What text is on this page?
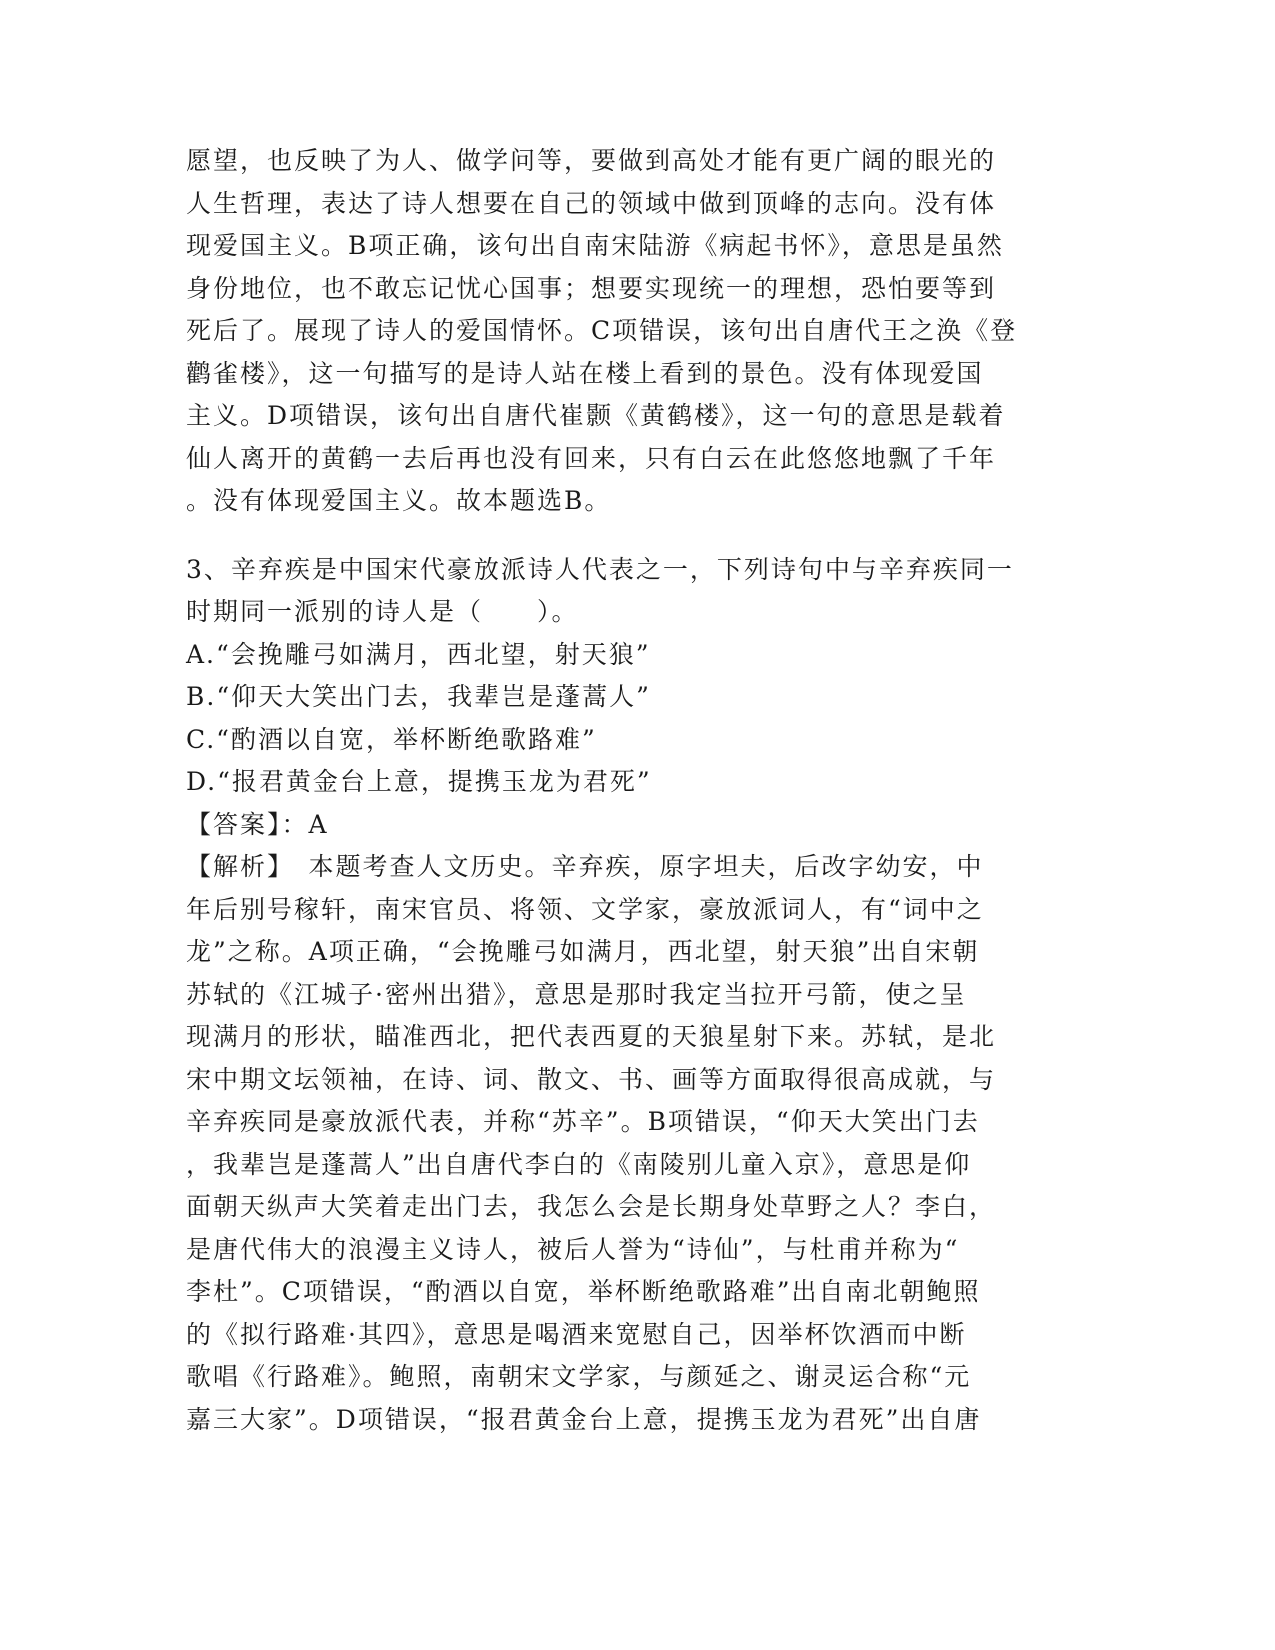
愿望，也反映了为人、做学问等，要做到高处才能有更广阔的眼光的
人生哲理，表达了诗人想要在自己的领域中做到顶峰的志向。没有体
现爱国主义。B项正确，该句出自南宋陆游《病起书怀》，意思是虽然
身份地位，也不敢忘记忧心国事；想要实现统一的理想，恐怕要等到
死后了。展现了诗人的爱国情怀。C项错误，该句出自唐代王之涣《登
鹳雀楼》，这一句描写的是诗人站在楼上看到的景色。没有体现爱国
主义。D项错误，该句出自唐代崔颢《黄鹤楼》，这一句的意思是载着
仙人离开的黄鹤一去后再也没有回来，只有白云在此悠悠地飘了千年
。没有体现爱国主义。故本题选B。
3、辛弃疾是中国宋代豪放派诗人代表之一，下列诗句中与辛弃疾同一
时期同一派别的诗人是（　　）。
A.“会挽雕弓如满月，西北望，射天狼”
B.“仰天大笑出门去，我辈岂是蓬蒿人”
C.“酌酒以自宽，举杯断绝歌路难”
D.“报君黄金台上意，提携玉龙为君死”
【答案】：A
【解析】　本题考查人文历史。辛弃疾，原字坦夫，后改字幼安，中
年后别号稼轩，南宋官员、将领、文学家，豪放派词人，有“词中之
龙”之称。A项正确，“会挽雕弓如满月，西北望，射天狼”出自宋朝
苏轼的《江城子·密州出猎》，意思是那时我定当拉开弓箭，使之呈
现满月的形状，瞄准西北，把代表西夏的天狼星射下来。苏轼，是北
宋中期文坛领袖，在诗、词、散文、书、画等方面取得很高成就，与
辛弃疾同是豪放派代表，并称“苏辛”。B项错误，“仰天大笑出门去
，我辈岂是蓬蒿人”出自唐代李白的《南陵别儿童入京》，意思是仰
面朝天纵声大笑着走出门去，我怎么会是长期身处草野之人？李白，
是唐代伟大的浪漫主义诗人，被后人誉为“诗仙”，与杜甫并称为“
李杜”。C项错误，“酌酒以自宽，举杯断绝歌路难”出自南北朝鲍照
的《拟行路难·其四》，意思是喝酒来宽慰自己，因举杯饮酒而中断
歌唱《行路难》。鲍照，南朝宋文学家，与颜延之、谢灵运合称“元
嘉三大家”。D项错误，“报君黄金台上意，提携玉龙为君死”出自唐
